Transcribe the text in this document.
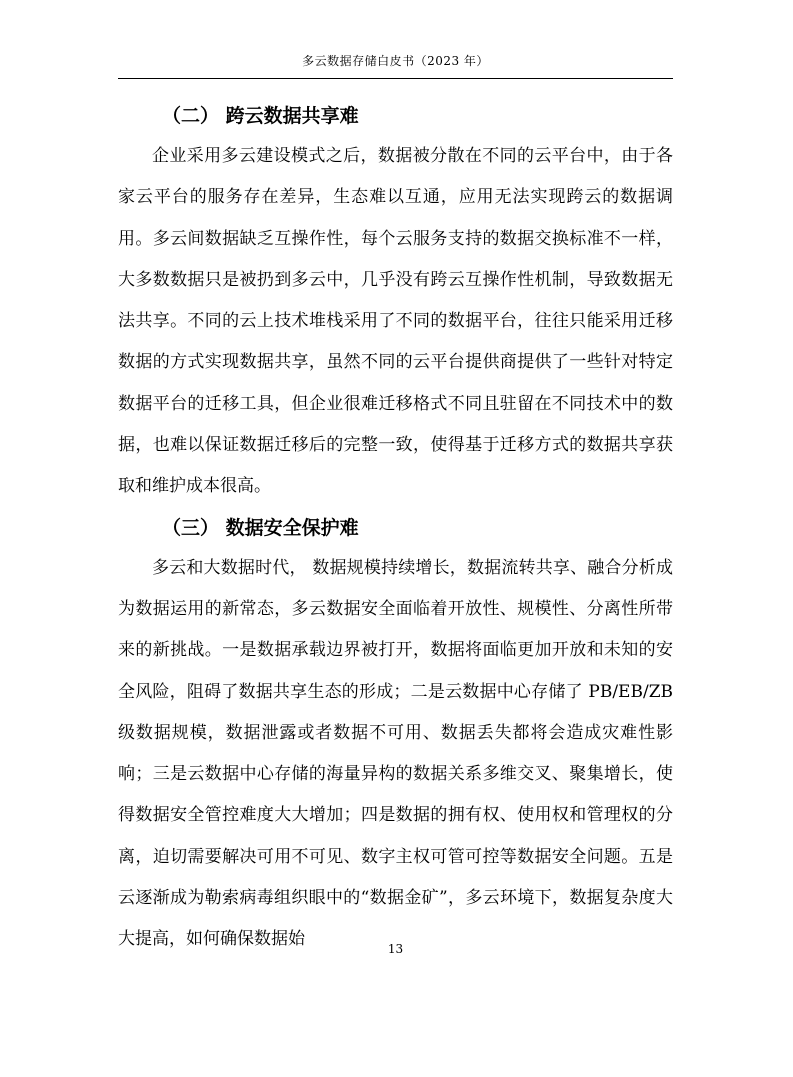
多云数据存储白皮书（2023 年）
（二） 跨云数据共享难

企业采用多云建设模式之后，数据被分散在不同的云平台中，由于各家云平台的服务存在差异，生态难以互通，应用无法实现跨云的数据调用。多云间数据缺乏互操作性，每个云服务支持的数据交换标准不一样，大多数数据只是被扔到多云中，几乎没有跨云互操作性机制，导致数据无法共享。不同的云上技术堆栈采用了不同的数据平台，往往只能采用迁移数据的方式实现数据共享，虽然不同的云平台提供商提供了一些针对特定数据平台的迁移工具，但企业很难迁移格式不同且驻留在不同技术中的数据，也难以保证数据迁移后的完整一致，使得基于迁移方式的数据共享获取和维护成本很高。

（三） 数据安全保护难

多云和大数据时代， 数据规模持续增长，数据流转共享、融合分析成为数据运用的新常态，多云数据安全面临着开放性、规模性、分离性所带来的新挑战。一是数据承载边界被打开，数据将面临更加开放和未知的安全风险，阻碍了数据共享生态的形成；二是云数据中心存储了 PB/EB/ZB 级数据规模，数据泄露或者数据不可用、数据丢失都将会造成灾难性影响；三是云数据中心存储的海量异构的数据关系多维交叉、聚集增长，使得数据安全管控难度大大增加；四是数据的拥有权、使用权和管理权的分离，迫切需要解决可用不可见、数字主权可管可控等数据安全问题。五是云逐渐成为勒索病毒组织眼中的“数据金矿”，多云环境下，数据复杂度大大提高，如何确保数据始	13
